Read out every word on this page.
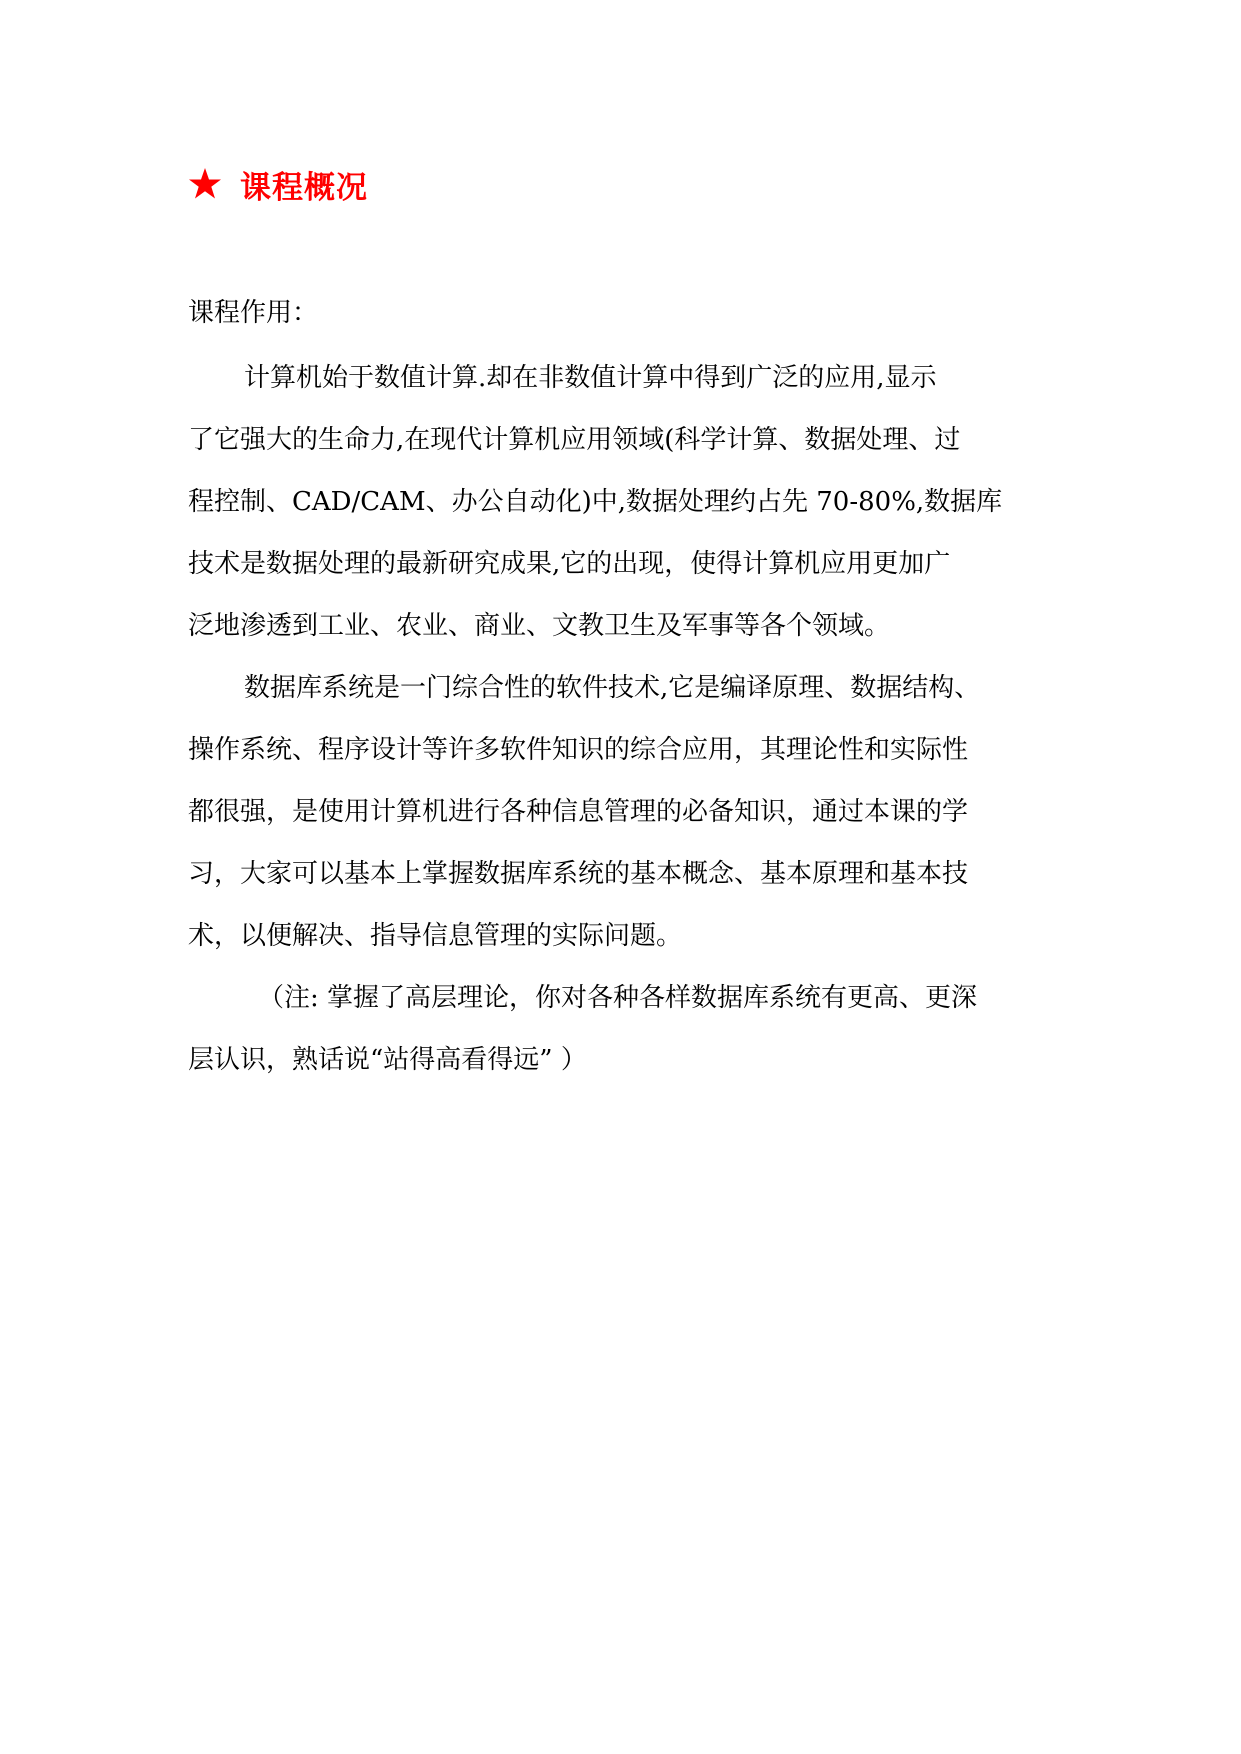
课程概况
课程作用：
计算机始于数值计算.却在非数值计算中得到广泛的应用,显示
了它强大的生命力,在现代计算机应用领域(科学计算、数据处理、过
程控制、CAD/CAM、办公自动化)中,数据处理约占先 70-80%,数据库
技术是数据处理的最新研究成果,它的出现，使得计算机应用更加广
泛地渗透到工业、农业、商业、文教卫生及军事等各个领域。
数据库系统是一门综合性的软件技术,它是编译原理、数据结构、
操作系统、程序设计等许多软件知识的综合应用，其理论性和实际性
都很强，是使用计算机进行各种信息管理的必备知识，通过本课的学
习，大家可以基本上掌握数据库系统的基本概念、基本原理和基本技
术，以便解决、指导信息管理的实际问题。
（注: 掌握了高层理论，你对各种各样数据库系统有更高、更深
层认识，熟话说“站得高看得远” ）
